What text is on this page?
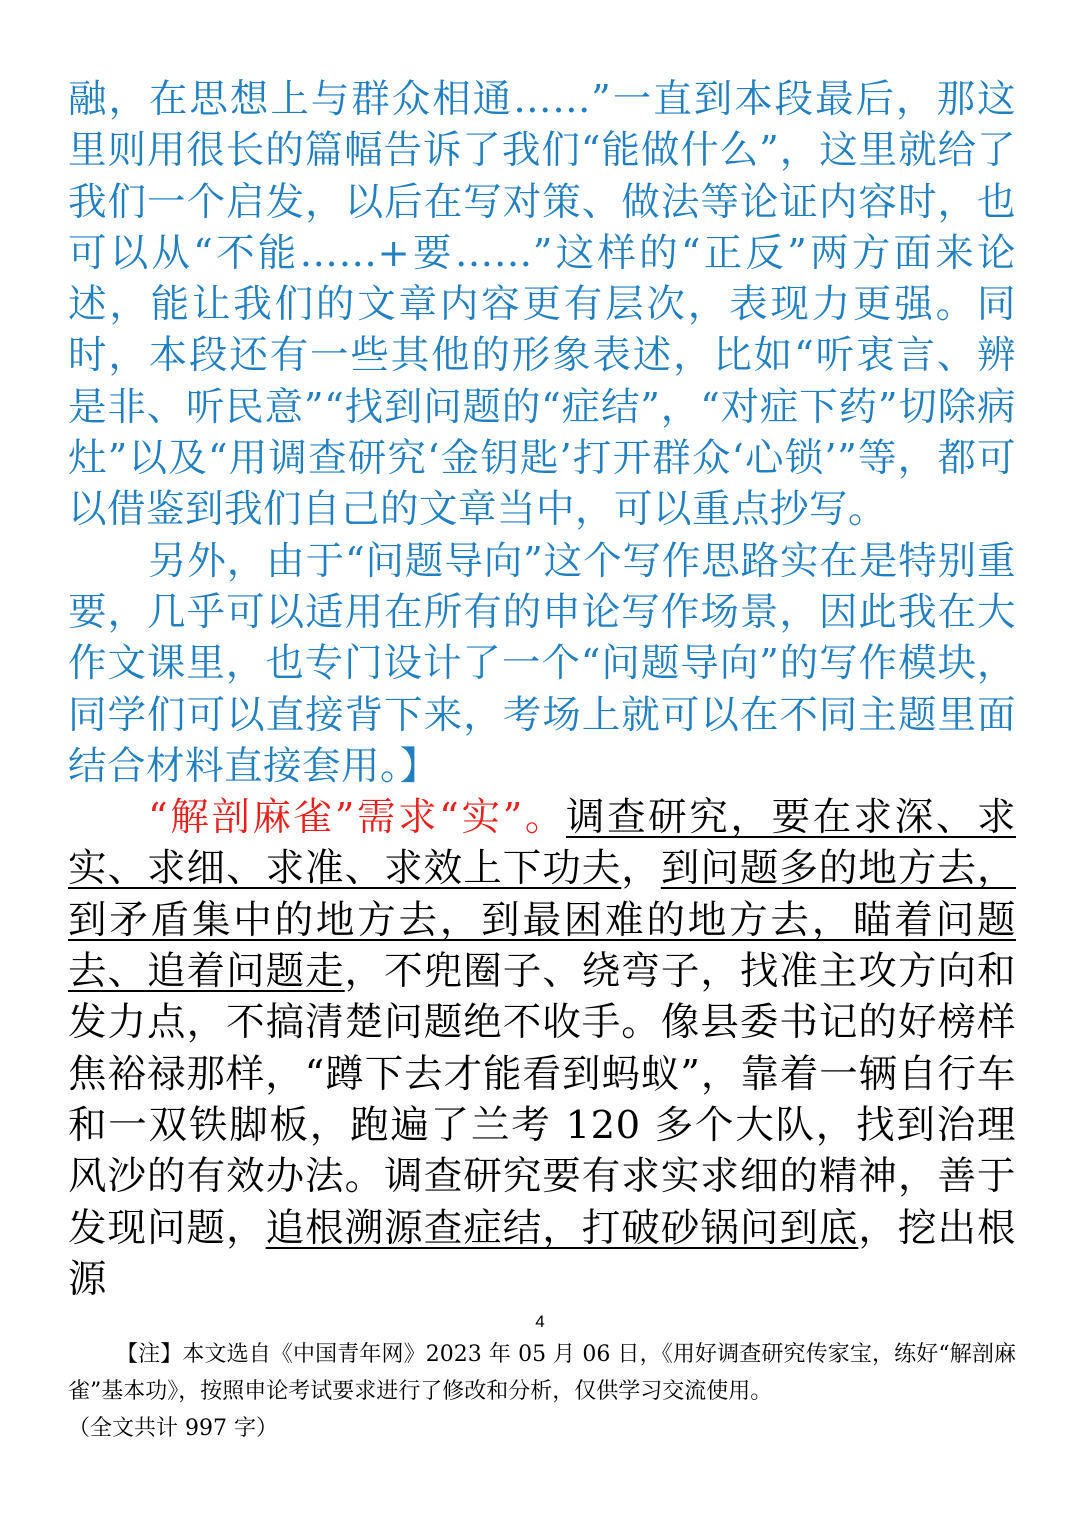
融，在思想上与群众相通……”一直到本段最后，那这里则用很长的篇幅告诉了我们“能做什么”，这里就给了我们一个启发，以后在写对策、做法等论证内容时，也可以从“不能……+要……”这样的“正反”两方面来论述，能让我们的文章内容更有层次，表现力更强。同时，本段还有一些其他的形象表述，比如“听衷言、辨是非、听民意”“找到问题的“症结”，“对症下药”切除病灶”以及“用调查研究‘金钥匙’打开群众‘心锁’”等，都可以借鉴到我们自己的文章当中，可以重点抄写。

另外，由于“问题导向”这个写作思路实在是特别重要，几乎可以适用在所有的申论写作场景，因此我在大作文课里，也专门设计了一个“问题导向”的写作模块，同学们可以直接背下来，考场上就可以在不同主题里面结合材料直接套用。】

“解剖麻雀”需求“实”。调查研究，要在求深、求实、求细、求准、求效上下功夫，到问题多的地方去，到矛盾集中的地方去，到最困难的地方去，瞄着问题去、追着问题走，不兜圈子、绕弯子，找准主攻方向和发力点，不搞清楚问题绝不收手。像县委书记的好榜样焦裕禄那样，“蹲下去才能看到蚂蚁”，靠着一辆自行车和一双铁脚板，跑遍了兰考 120 多个大队，找到治理风沙的有效办法。调查研究要有求实求细的精神，善于发现问题，追根溯源查症结，打破砂锅问到底，挖出根源

4

【注】本文选自《中国青年网》2023 年 05 月 06 日，《用好调查研究传家宝，练好“解剖麻雀”基本功》，按照申论考试要求进行了修改和分析，仅供学习交流使用。

（全文共计 997 字）
